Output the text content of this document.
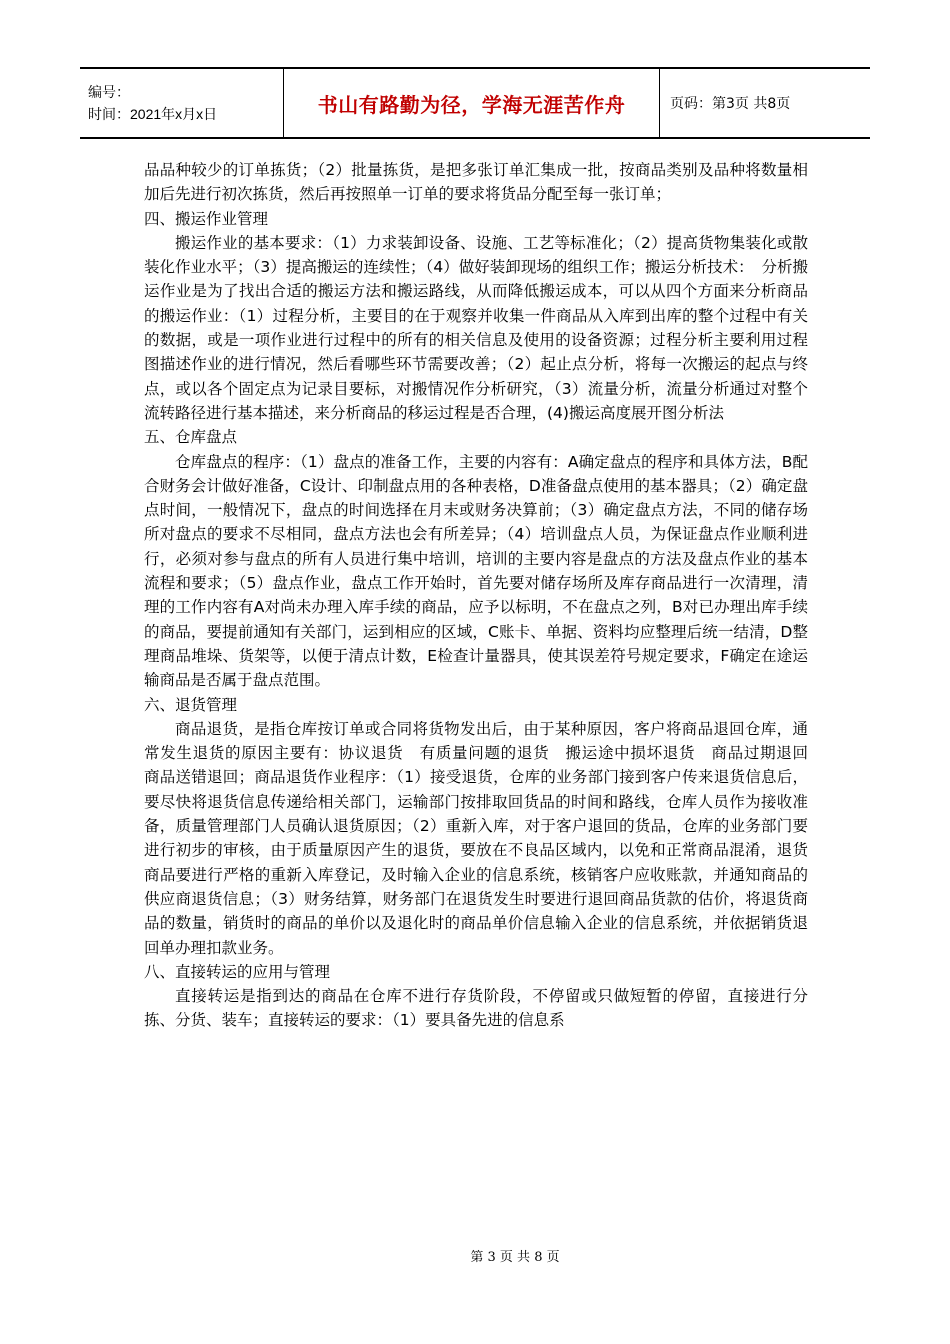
编号：
时间：2021年x月x日	书山有路勤为径，学海无涯苦作舟	页码：第3页 共8页

品品种较少的订单拣货；（2）批量拣货，是把多张订单汇集成一批，按商品类别及品种将数量相加后先进行初次拣货，然后再按照单一订单的要求将货品分配至每一张订单；

四、搬运作业管理

搬运作业的基本要求：（1）力求装卸设备、设施、工艺等标准化；（2）提高货物集装化或散装化作业水平；（3）提高搬运的连续性；（4）做好装卸现场的组织工作；搬运分析技术：　分析搬运作业是为了找出合适的搬运方法和搬运路线，从而降低搬运成本，可以从四个方面来分析商品的搬运作业：（1）过程分析，主要目的在于观察并收集一件商品从入库到出库的整个过程中有关的数据，或是一项作业进行过程中的所有的相关信息及使用的设备资源；过程分析主要利用过程图描述作业的进行情况，然后看哪些环节需要改善；（2）起止点分析，将每一次搬运的起点与终点，或以各个固定点为记录目要标，对搬情况作分析研究，（3）流量分析，流量分析通过对整个流转路径进行基本描述，来分析商品的移运过程是否合理，(4)搬运高度展开图分析法

五、仓库盘点

仓库盘点的程序：（1）盘点的准备工作，主要的内容有：A确定盘点的程序和具体方法，B配合财务会计做好准备，C设计、印制盘点用的各种表格，D准备盘点使用的基本器具；（2）确定盘点时间，一般情况下，盘点的时间选择在月末或财务决算前；（3）确定盘点方法，不同的储存场所对盘点的要求不尽相同，盘点方法也会有所差异；（4）培训盘点人员，为保证盘点作业顺利进行，必须对参与盘点的所有人员进行集中培训，培训的主要内容是盘点的方法及盘点作业的基本流程和要求；（5）盘点作业，盘点工作开始时，首先要对储存场所及库存商品进行一次清理，清理的工作内容有A对尚未办理入库手续的商品，应予以标明，不在盘点之列，B对已办理出库手续的商品，要提前通知有关部门，运到相应的区域，C账卡、单据、资料均应整理后统一结清，D整理商品堆垛、货架等，以便于清点计数，E检查计量器具，使其误差符号规定要求，F确定在途运输商品是否属于盘点范围。

六、退货管理

商品退货，是指仓库按订单或合同将货物发出后，由于某种原因，客户将商品退回仓库，通常发生退货的原因主要有：协议退货　有质量问题的退货　搬运途中损坏退货　商品过期退回　商品送错退回；商品退货作业程序：（1）接受退货，仓库的业务部门接到客户传来退货信息后，要尽快将退货信息传递给相关部门，运输部门按排取回货品的时间和路线，仓库人员作为接收准备，质量管理部门人员确认退货原因；（2）重新入库，对于客户退回的货品，仓库的业务部门要进行初步的审核，由于质量原因产生的退货，要放在不良品区域内，以免和正常商品混淆，退货商品要进行严格的重新入库登记，及时输入企业的信息系统，核销客户应收账款，并通知商品的供应商退货信息；（3）财务结算，财务部门在退货发生时要进行退回商品货款的估价，将退货商品的数量，销货时的商品的单价以及退化时的商品单价信息输入企业的信息系统，并依据销货退回单办理扣款业务。

八、直接转运的应用与管理

直接转运是指到达的商品在仓库不进行存货阶段，不停留或只做短暂的停留，直接进行分拣、分货、装车；直接转运的要求：（1）要具备先进的信息系

第 3 页 共 8 页
